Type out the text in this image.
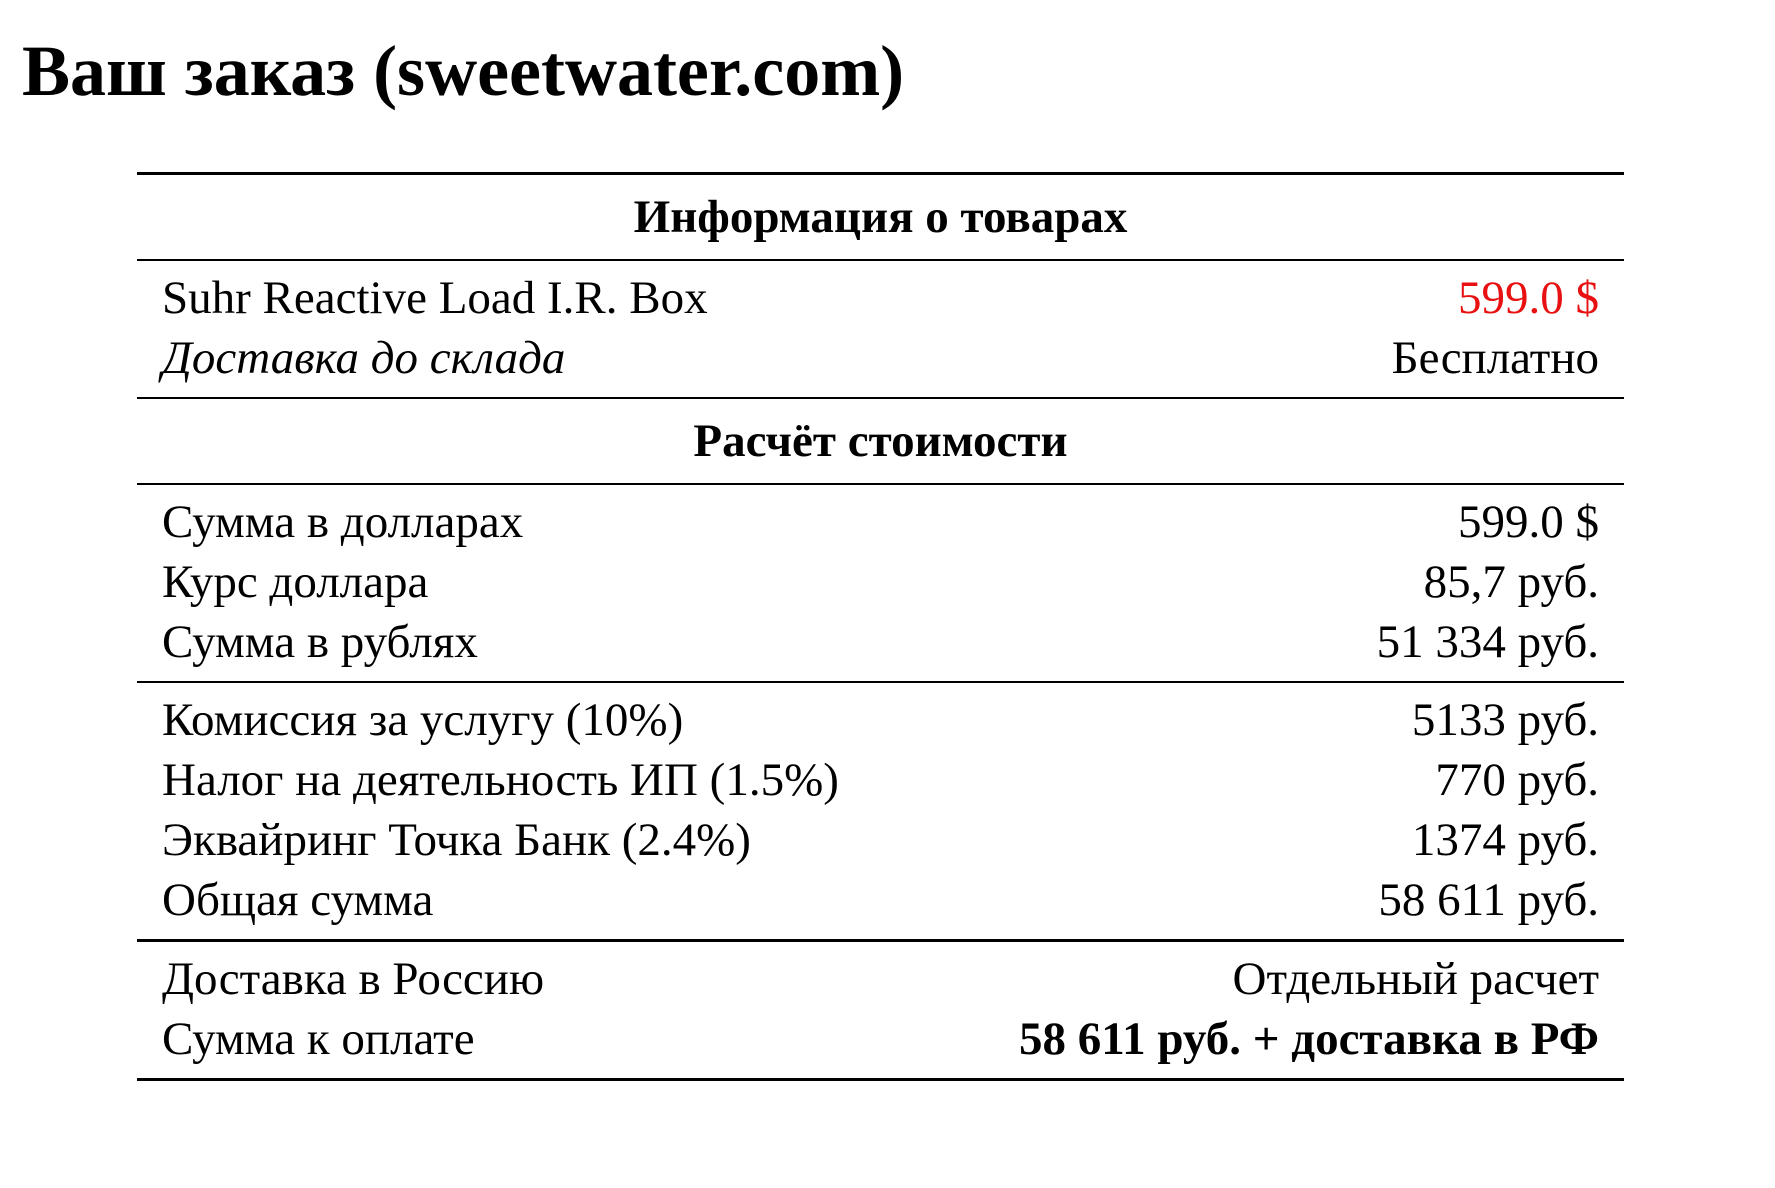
Ваш заказ (sweetwater.com)
Информация о товарах
Suhr Reactive Load I.R. Box	599.0 $
Доставка до склада	Бесплатно
Расчёт стоимости
Сумма в долларах	599.0 $
Курс доллара	85,7 руб.
Сумма в рублях	51 334 руб.
Комиссия за услугу (10%)	5133 руб.
Налог на деятельность ИП (1.5%)	770 руб.
Эквайринг Точка Банк (2.4%)	1374 руб.
Общая сумма	58 611 руб.
Доставка в Россию	Отдельный расчет
Сумма к оплате	58 611 руб. + доставка в РФ
